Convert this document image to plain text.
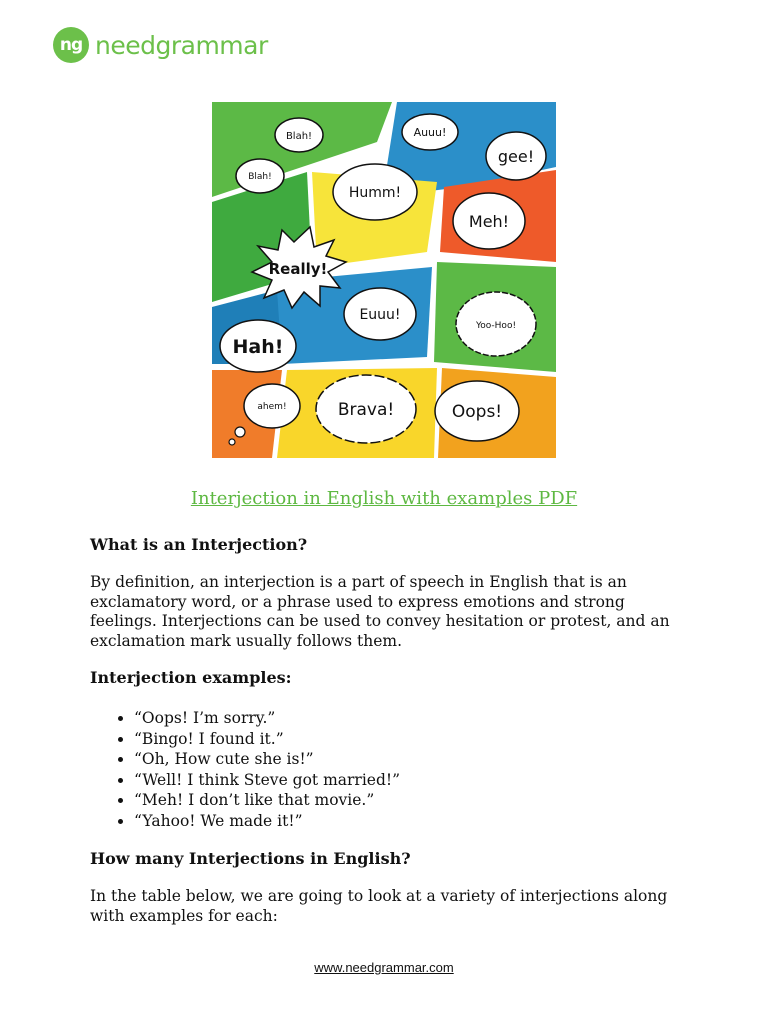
ng needgrammar
Blah!	Auuu!
gee!
Blah!
Humm!
Meh!
Really!
Euuu!
Yoo-Hoo!
Hah!
ahem!	Brava!	Oops!
Interjection in English with examples PDF
What is an Interjection?
By definition, an interjection is a part of speech in English that is an exclamatory word, or a phrase used to express emotions and strong feelings. Interjections can be used to convey hesitation or protest, and an exclamation mark usually follows them.
Interjection examples:
• “Oops! I’m sorry.”
• “Bingo! I found it.”
• “Oh, How cute she is!”
• “Well! I think Steve got married!”
• “Meh! I don’t like that movie.”
• “Yahoo! We made it!”
How many Interjections in English?
In the table below, we are going to look at a variety of interjections along with examples for each:
www.needgrammar.com
